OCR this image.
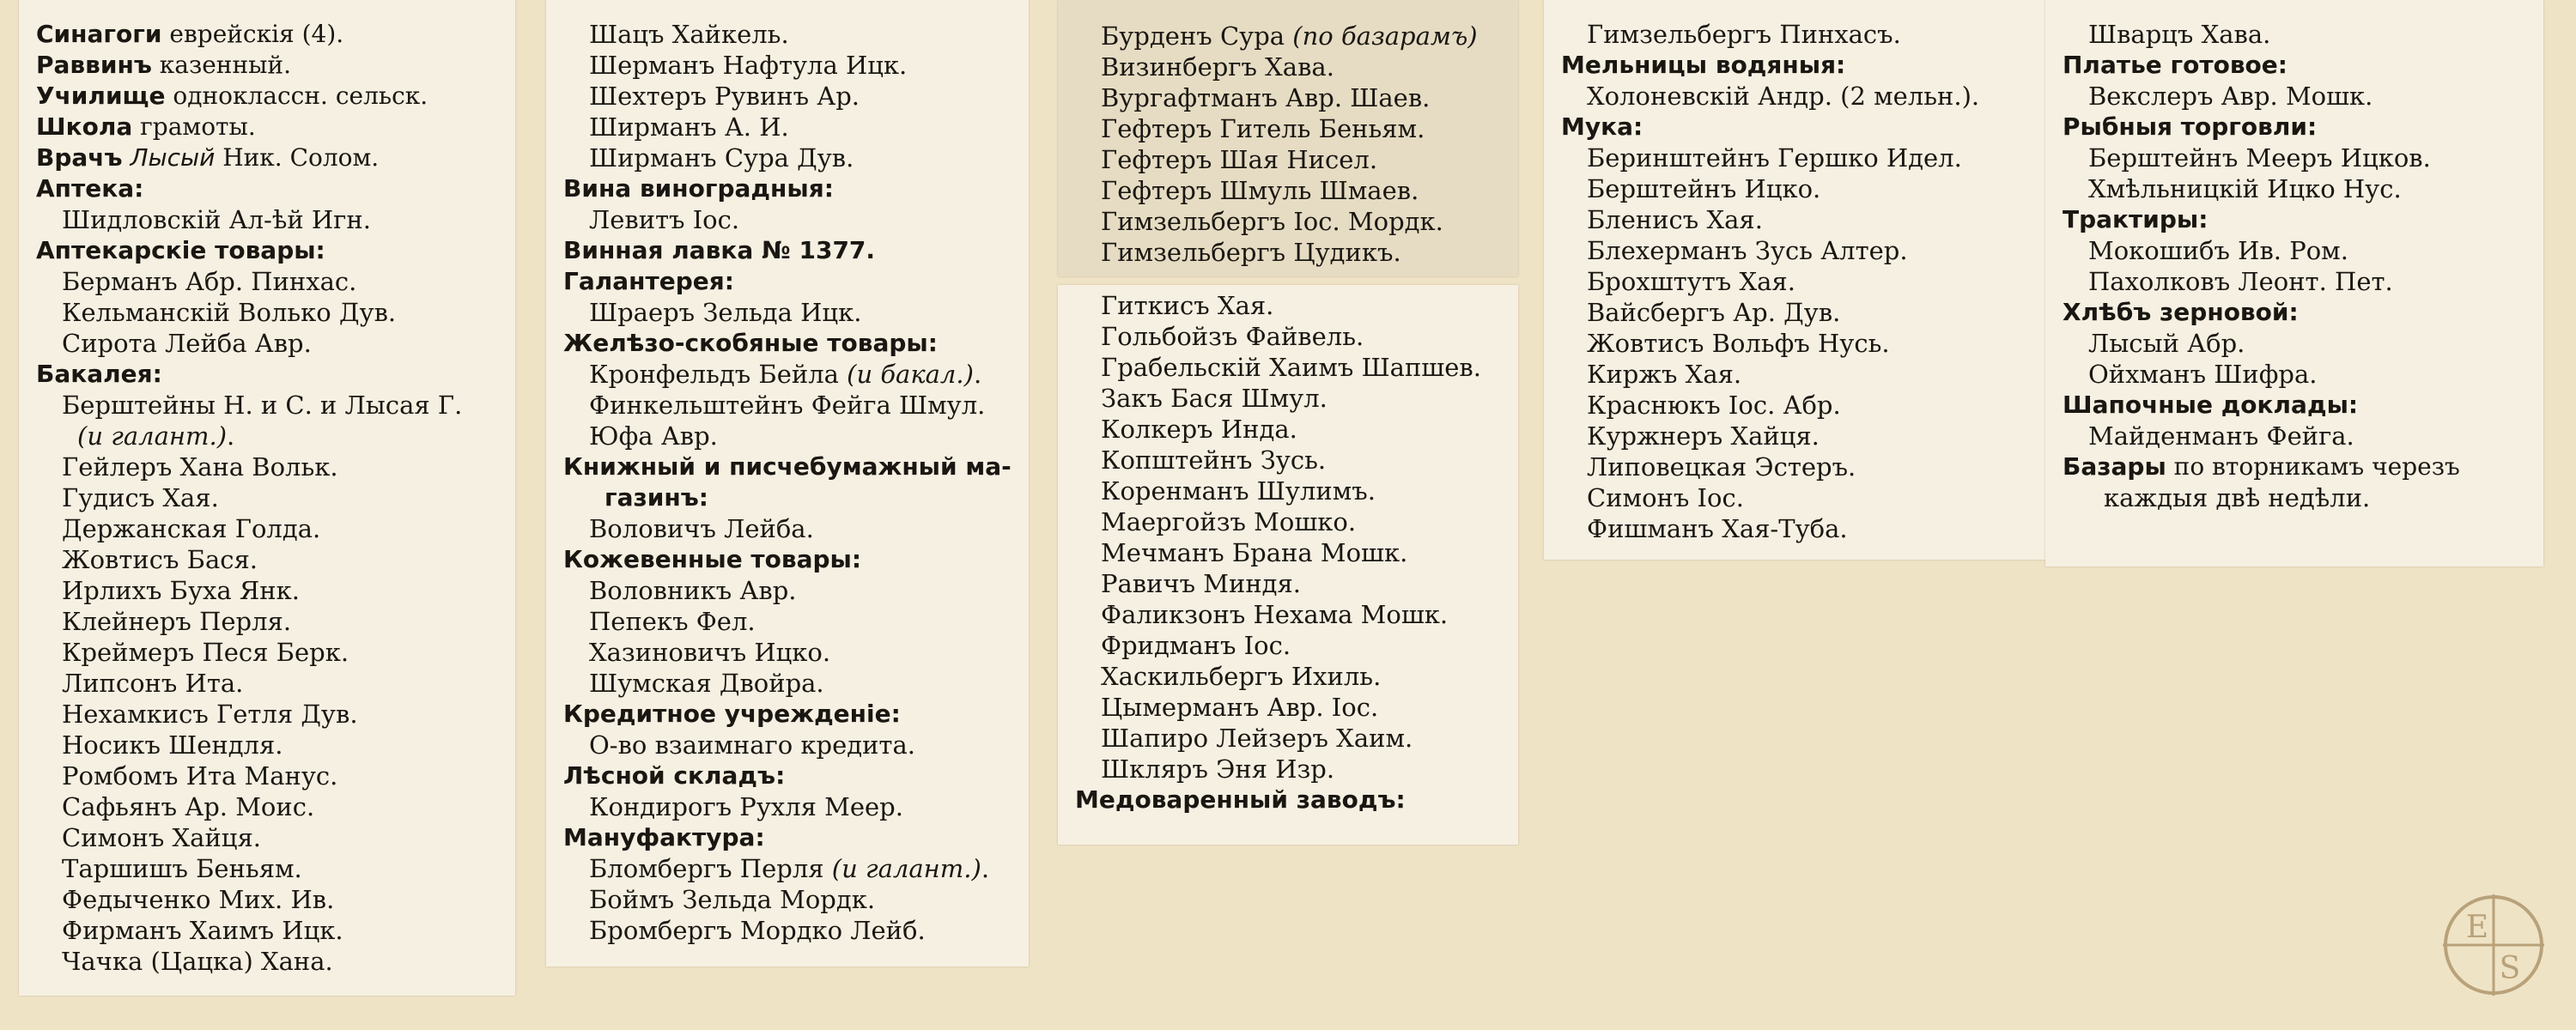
Синагоги еврейскія (4).
Раввинъ казенный.
Училище одноклассн. сельск.
Школа грамоты.
Врачъ Лысый Ник. Солом.
Аптека:
Шидловскій Ал-ѣй Игн.
Аптекарскіе товары:
Берманъ Абр. Пинхас.
Кельманскій Волько Дув.
Сирота Лейба Авр.
Бакалея:
Берштейны Н. и С. и Лысая Г.
(и галант.).
Гейлеръ Хана Вольк.
Гудисъ Хая.
Держанская Голда.
Жовтисъ Бася.
Ирлихъ Буха Янк.
Клейнеръ Перля.
Креймеръ Песя Берк.
Липсонъ Ита.
Нехамкисъ Гетля Дув.
Носикъ Шендля.
Ромбомъ Ита Манус.
Сафьянъ Ар. Моис.
Симонъ Хайця.
Таршишъ Беньям.
Федыченко Мих. Ив.
Фирманъ Хаимъ Ицк.
Чачка (Цацка) Хана.
Шацъ Хайкель.
Шерманъ Нафтула Ицк.
Шехтеръ Рувинъ Ар.
Ширманъ А. И.
Ширманъ Сура Дув.
Вина виноградныя:
Левитъ Іос.
Винная лавка № 1377.
Галантерея:
Шраеръ Зельда Ицк.
Желѣзо-скобяные товары:
Кронфельдъ Бейла (и бакал.).
Финкельштейнъ Фейга Шмул.
Юфа Авр.
Книжный и писчебумажный ма-
газинъ:
Воловичъ Лейба.
Кожевенные товары:
Воловникъ Авр.
Пепекъ Фел.
Хазиновичъ Ицко.
Шумская Двойра.
Кредитное учрежденіе:
О-во взаимнаго кредита.
Лѣсной складъ:
Кондирогъ Рухля Меер.
Мануфактура:
Бломбергъ Перля (и галант.).
Боймъ Зельда Мордк.
Бромбергъ Мордко Лейб.
Бурденъ Сура (по базарамъ)
Визинбергъ Хава.
Вургафтманъ Авр. Шаев.
Гефтеръ Гитель Беньям.
Гефтеръ Шая Нисел.
Гефтеръ Шмуль Шмаев.
Гимзельбергъ Іос. Мордк.
Гимзельбергъ Цудикъ.
Гиткисъ Хая.
Гольбойзъ Файвель.
Грабельскій Хаимъ Шапшев.
Закъ Бася Шмул.
Колкеръ Инда.
Копштейнъ Зусь.
Коренманъ Шулимъ.
Маергойзъ Мошко.
Мечманъ Брана Мошк.
Равичъ Миндя.
Фаликзонъ Нехама Мошк.
Фридманъ Іос.
Хаскильбергъ Ихиль.
Цымерманъ Авр. Іос.
Шапиро Лейзеръ Хаим.
Шкляръ Эня Изр.
Медоваренный заводъ:
Гимзельбергъ Пинхасъ.
Мельницы водяныя:
Холоневскій Андр. (2 мельн.).
Мука:
Беринштейнъ Гершко Идел.
Берштейнъ Ицко.
Бленисъ Хая.
Блехерманъ Зусь Алтер.
Брохштутъ Хая.
Вайсбергъ Ар. Дув.
Жовтисъ Вольфъ Нусь.
Киржъ Хая.
Краснюкъ Іос. Абр.
Куржнеръ Хайця.
Липовецкая Эстеръ.
Симонъ Іос.
Фишманъ Хая-Туба.
Шварцъ Хава.
Платье готовое:
Векслеръ Авр. Мошк.
Рыбныя торговли:
Берштейнъ Мееръ Ицков.
Хмѣльницкій Ицко Нус.
Трактиры:
Мокошибъ Ив. Ром.
Пахолковъ Леонт. Пет.
Хлѣбъ зерновой:
Лысый Абр.
Ойхманъ Шифра.
Шапочные доклады:
Майденманъ Фейга.
Базары по вторникамъ черезъ
каждыя двѣ недѣли.
E
S
